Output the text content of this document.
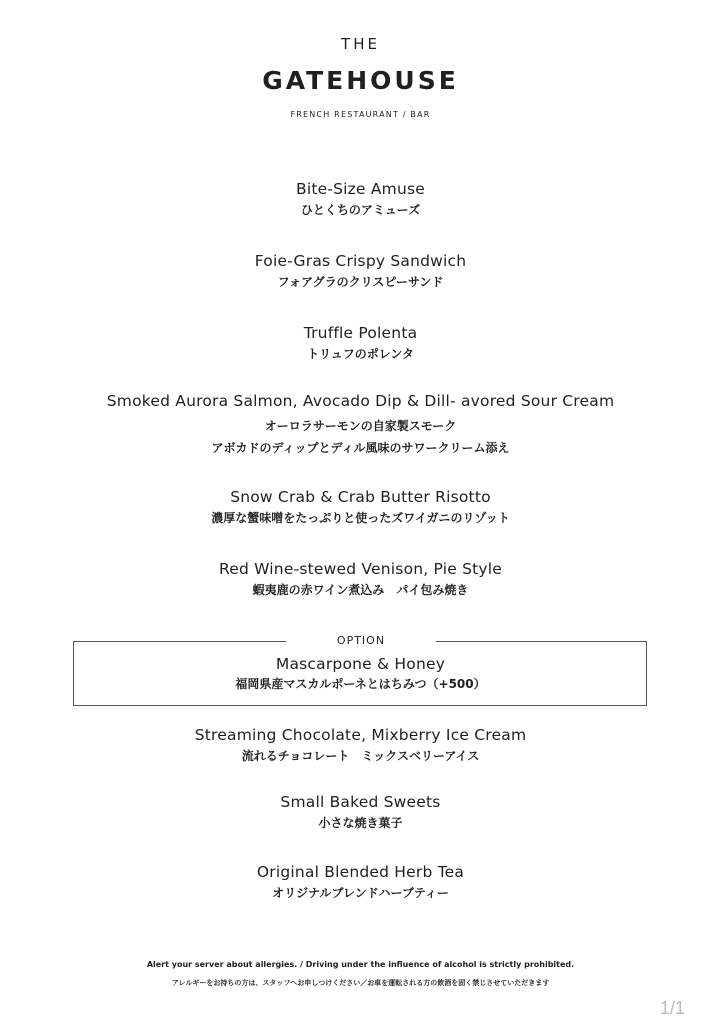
THE
GATEHOUSE
FRENCH RESTAURANT / BAR
Bite-Size Amuse
ひとくちのアミューズ
Foie-Gras Crispy Sandwich
フォアグラのクリスピーサンド
Truffle Polenta
トリュフのポレンタ
Smoked Aurora Salmon, Avocado Dip & Dill- avored Sour Cream
オーロラサーモンの自家製スモーク
アボカドのディップとディル風味のサワークリーム添え
Snow Crab & Crab Butter Risotto
濃厚な蟹味噌をたっぷりと使ったズワイガニのリゾット
Red Wine-stewed Venison, Pie Style
蝦夷鹿の赤ワイン煮込み　パイ包み焼き
OPTION
Mascarpone & Honey
福岡県産マスカルポーネとはちみつ（+500）
Streaming Chocolate, Mixberry Ice Cream
流れるチョコレート　ミックスベリーアイス
Small Baked Sweets
小さな焼き菓子
Original Blended Herb Tea
オリジナルブレンドハーブティー
Alert your server about allergies. / Driving under the influence of alcohol is strictly prohibited.
アレルギーをお持ちの方は、スタッフへお申しつけください／お車を運転される方の飲酒を固く禁じさせていただきます
1/1
